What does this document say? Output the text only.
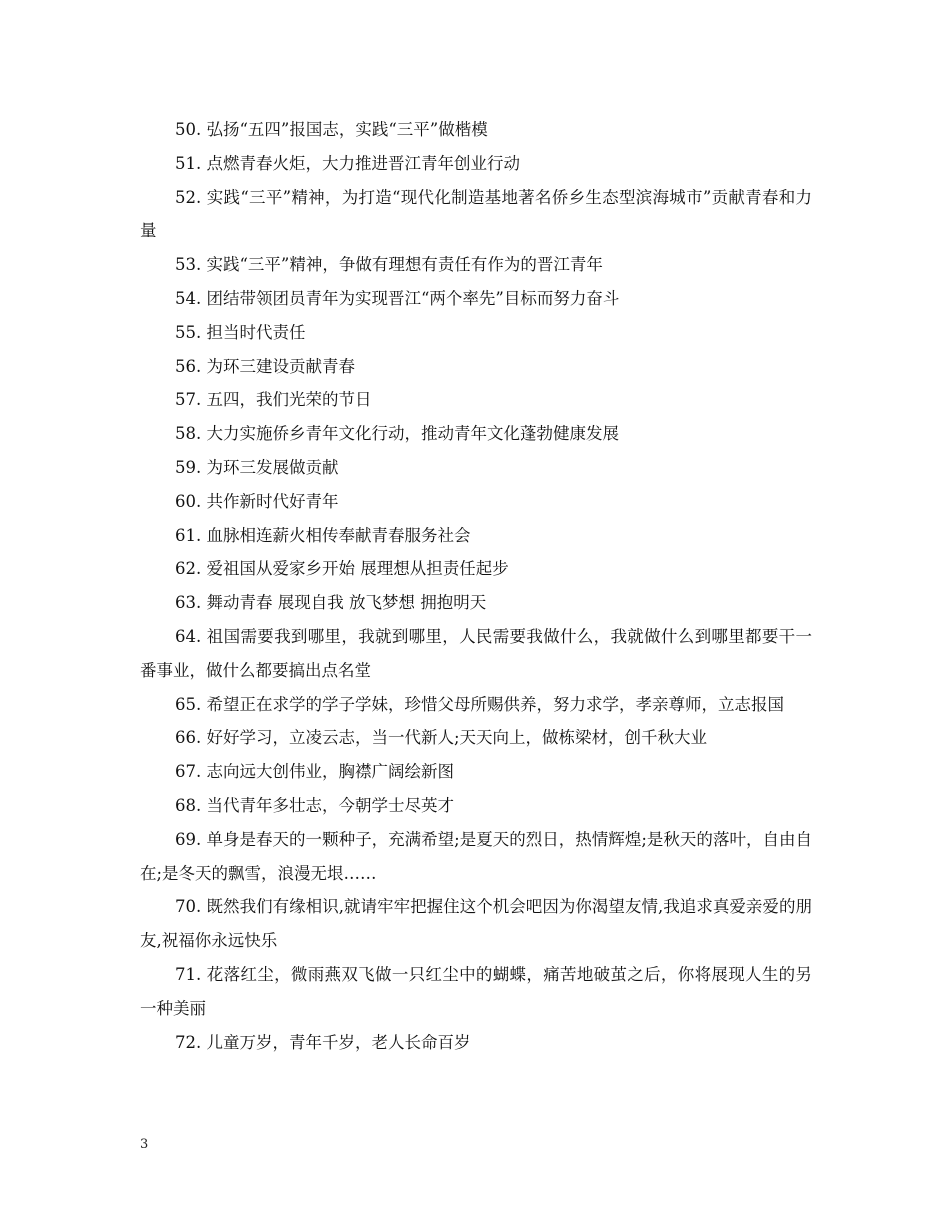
50. 弘扬“五四”报国志，实践“三平”做楷模

51. 点燃青春火炬，大力推进晋江青年创业行动

52. 实践“三平”精神，为打造“现代化制造基地著名侨乡生态型滨海城市”贡献青春和力量

53. 实践“三平”精神，争做有理想有责任有作为的晋江青年

54. 团结带领团员青年为实现晋江“两个率先”目标而努力奋斗

55. 担当时代责任

56. 为环三建设贡献青春

57. 五四，我们光荣的节日

58. 大力实施侨乡青年文化行动，推动青年文化蓬勃健康发展

59. 为环三发展做贡献

60. 共作新时代好青年

61. 血脉相连薪火相传奉献青春服务社会

62. 爱祖国从爱家乡开始 展理想从担责任起步

63. 舞动青春 展现自我 放飞梦想 拥抱明天

64. 祖国需要我到哪里，我就到哪里，人民需要我做什么，我就做什么到哪里都要干一番事业，做什么都要搞出点名堂

65. 希望正在求学的学子学妹，珍惜父母所赐供养，努力求学，孝亲尊师，立志报国

66. 好好学习，立凌云志，当一代新人;天天向上，做栋梁材，创千秋大业

67. 志向远大创伟业，胸襟广阔绘新图

68. 当代青年多壮志，今朝学士尽英才

69. 单身是春天的一颗种子，充满希望;是夏天的烈日，热情辉煌;是秋天的落叶，自由自在;是冬天的飘雪，浪漫无垠……

70. 既然我们有缘相识,就请牢牢把握住这个机会吧因为你渴望友情,我追求真爱亲爱的朋友,祝福你永远快乐

71. 花落红尘，微雨燕双飞做一只红尘中的蝴蝶，痛苦地破茧之后，你将展现人生的另一种美丽

72. 儿童万岁，青年千岁，老人长命百岁

3
